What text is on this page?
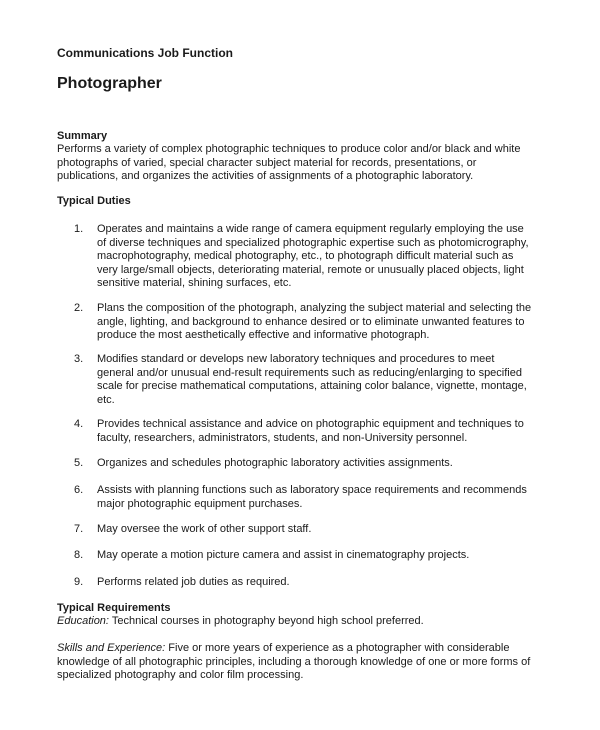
Communications Job Function
Photographer
Summary

Performs a variety of complex photographic techniques to produce color and/or black and white
photographs of varied, special character subject material for records, presentations, or
publications, and organizes the activities of assignments of a photographic laboratory.

Typical Duties
1.	Operates and maintains a wide range of camera equipment regularly employing the use
of diverse techniques and specialized photographic expertise such as photomicrography,
macrophotography, medical photography, etc., to photograph difficult material such as
very large/small objects, deteriorating material, remote or unusually placed objects, light
sensitive material, shining surfaces, etc.
2.	Plans the composition of the photograph, analyzing the subject material and selecting the
angle, lighting, and background to enhance desired or to eliminate unwanted features to
produce the most aesthetically effective and informative photograph.
3.	Modifies standard or develops new laboratory techniques and procedures to meet
general and/or unusual end-result requirements such as reducing/enlarging to specified
scale for precise mathematical computations, attaining color balance, vignette, montage,
etc.
4.	Provides technical assistance and advice on photographic equipment and techniques to
faculty, researchers, administrators, students, and non-University personnel.
5.	Organizes and schedules photographic laboratory activities assignments.
6.	Assists with planning functions such as laboratory space requirements and recommends
major photographic equipment purchases.
7.	May oversee the work of other support staff.
8.	May operate a motion picture camera and assist in cinematography projects.
9.	Performs related job duties as required.
Typical Requirements

Education: Technical courses in photography beyond high school preferred.

Skills and Experience: Five or more years of experience as a photographer with considerable
knowledge of all photographic principles, including a thorough knowledge of one or more forms of
specialized photography and color film processing.
